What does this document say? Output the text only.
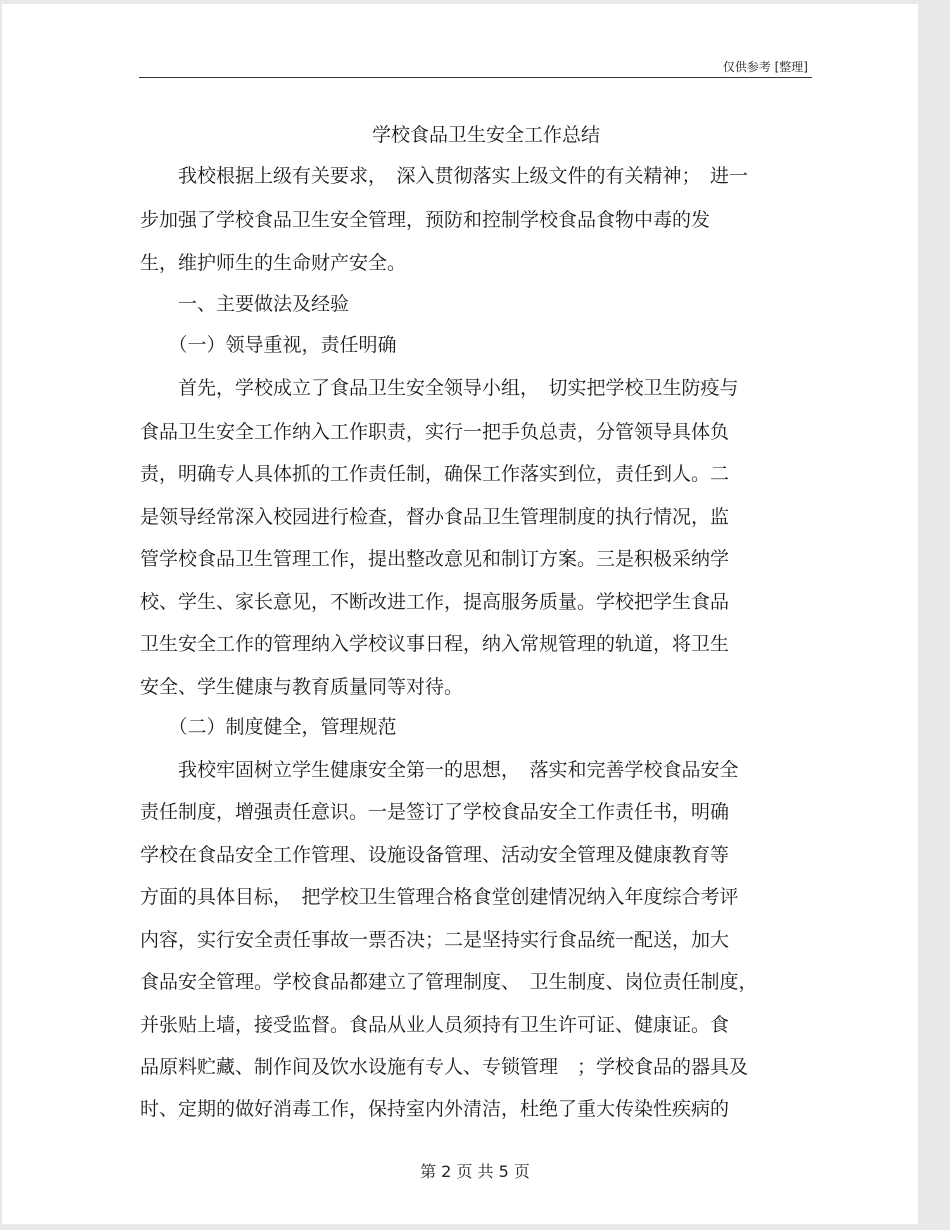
仅供参考 [整理]
学校食品卫生安全工作总结
　　我校根据上级有关要求，　深入贯彻落实上级文件的有关精神；　进一
步加强了学校食品卫生安全管理，预防和控制学校食品食物中毒的发
生，维护师生的生命财产安全。
　　一、主要做法及经验
　　（一）领导重视，责任明确
　　首先，学校成立了食品卫生安全领导小组，　切实把学校卫生防疫与
食品卫生安全工作纳入工作职责，实行一把手负总责，分管领导具体负
责，明确专人具体抓的工作责任制，确保工作落实到位，责任到人。二
是领导经常深入校园进行检查，督办食品卫生管理制度的执行情况，监
管学校食品卫生管理工作，提出整改意见和制订方案。三是积极采纳学
校、学生、家长意见，不断改进工作，提高服务质量。学校把学生食品
卫生安全工作的管理纳入学校议事日程，纳入常规管理的轨道，将卫生
安全、学生健康与教育质量同等对待。
　　（二）制度健全，管理规范
　　我校牢固树立学生健康安全第一的思想，　落实和完善学校食品安全
责任制度，增强责任意识。一是签订了学校食品安全工作责任书，明确
学校在食品安全工作管理、设施设备管理、活动安全管理及健康教育等
方面的具体目标，　把学校卫生管理合格食堂创建情况纳入年度综合考评
内容，实行安全责任事故一票否决；二是坚持实行食品统一配送，加大
食品安全管理。学校食品都建立了管理制度、　卫生制度、岗位责任制度，
并张贴上墙，接受监督。食品从业人员须持有卫生许可证、健康证。食
品原料贮藏、制作间及饮水设施有专人、专锁管理　；学校食品的器具及
时、定期的做好消毒工作，保持室内外清洁，杜绝了重大传染性疾病的
第 2 页 共 5 页
